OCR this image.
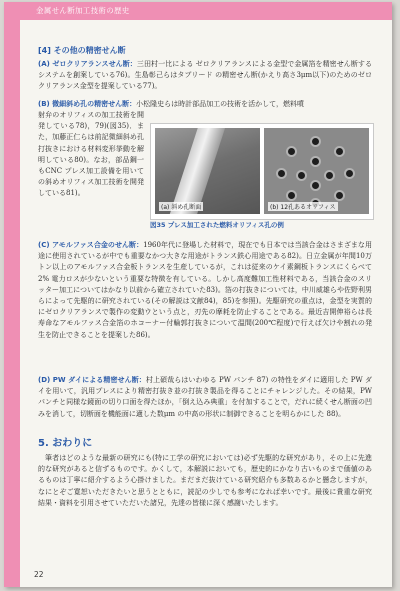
金属せん断加工技術の歴史
[4] その他の精密せん断

(A) ゼロクリアランスせん断：三田村一比による ゼロクリアランスによる金型で金属箔を精密せん断するシステムを創案している76)。生島彰己らはタブリード の精密せん断(かえり高さ3μm以下)のためのゼロクリアランス金型を提案している77)。

(B) 微細斜め孔の精密せん断：小松隆史らは時計部品加工の技術を活かして，燃料噴

射弁のオリフィスの加工技術を開発している78)，79)(図35)．また，加藤正仁らは前記微細斜め孔打抜きにおける材料変形挙動を解明している80)。なお，部品鋼一もCNC プレス加工設備を用いての斜めオリフィス加工技術を開発している81)。

(a) 斜め孔断面	(b) 12孔あるオリフィス
図35 プレス加工された燃料オリフィス孔の例

(C) アモルファス合金のせん断：1960年代に登場した材料で，現在でも日本では当該合金はさまざまな用途に使用されているが中でも重要なかつ大きな用途がトランス鉄心用途である82)。日立金属が年間10万トン以上のアモルファス合金板トランスを生産しているが，これは従来のケイ素鋼板トランスにくらべて2% 電力ロスが少ないという重要な特徴を有している。しかし高度難加工性材料である，当該合金のスリッター加工についてはかなり以前から確立されていた83)。箔の打抜きについては，中川威雄らや佐野利男らによって先駆的に研究されている(その解説は文献84)，85)を参照)。先駆研究の重点は，金型を実質的にゼロクリアランスで製作の変動ウという点と，刃先の摩耗を防止することである。最近吉開伸裕らは長寿命なアモルファス合金箔のホコーナー付輪郭打抜きについて温間(200℃程度)で行えば欠けや割れの発生を防止できることを提案した86)。

(D) PW ダイによる精密せん断：村上碩哉らはいわゆる PW パンチ 87) の特性をダイに適用した PW ダイを用いて，汎用プレスにより精密打抜き並の打抜き製品を得ることにチャレンジした。その結果，PW パンチと同様な鏡面の切り口面を得たほか，「倒え込み典重」を付加することで，だれに続くせん断面の凹みを消して，切断面を機能面に適した数μm の中高の形状に制御できることを明らかにした 88)。

5. おわりに

筆者はどのような最新の研究にも(特に工学の研究においては)必ず先駆的な研究があり，その上に先進的な研究があると信ずるものです。かくして，本解説においても，歴史的にかなり古いものまで価値のあるものは丁寧に紹介するよう心掛けました。まだまだ抜けている研究紹介も多数あるかと懸念しますが，なにとぞご寛恕いただきたいと思うとともに，読記の少しでも参考になれば幸いです。最後に貴重な研究結果・資料を引用させていただいた諸兄，先達の皆様に深く感謝いたします。

22
